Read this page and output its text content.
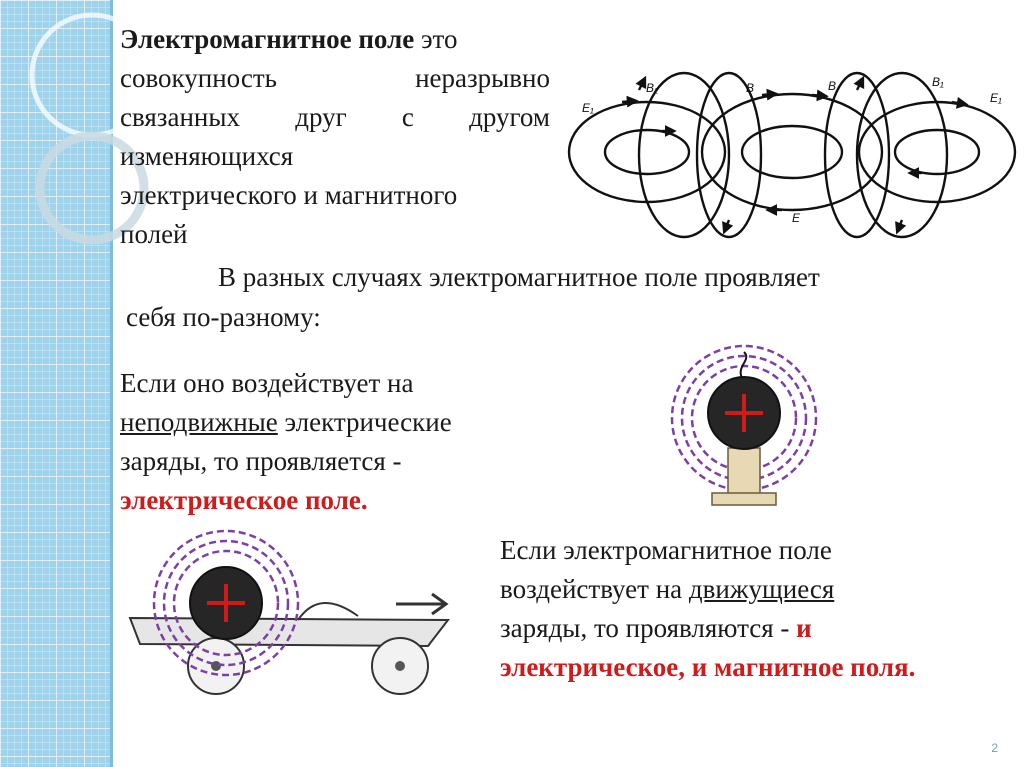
Электромагнитное поле это
совокупность неразрывно
связанных друг с другом
изменяющихся
электрического и магнитного
полей
E₁
B₁	B	B	B₁
E₁
E
В разных случаях электромагнитное поле проявляет
себя по-разному:
Если оно воздействует на
неподвижные электрические
заряды, то проявляется -
электрическое поле.
Если электромагнитное поле
воздействует на движущиеся
заряды, то проявляются - и
электрическое, и магнитное поля.
2
